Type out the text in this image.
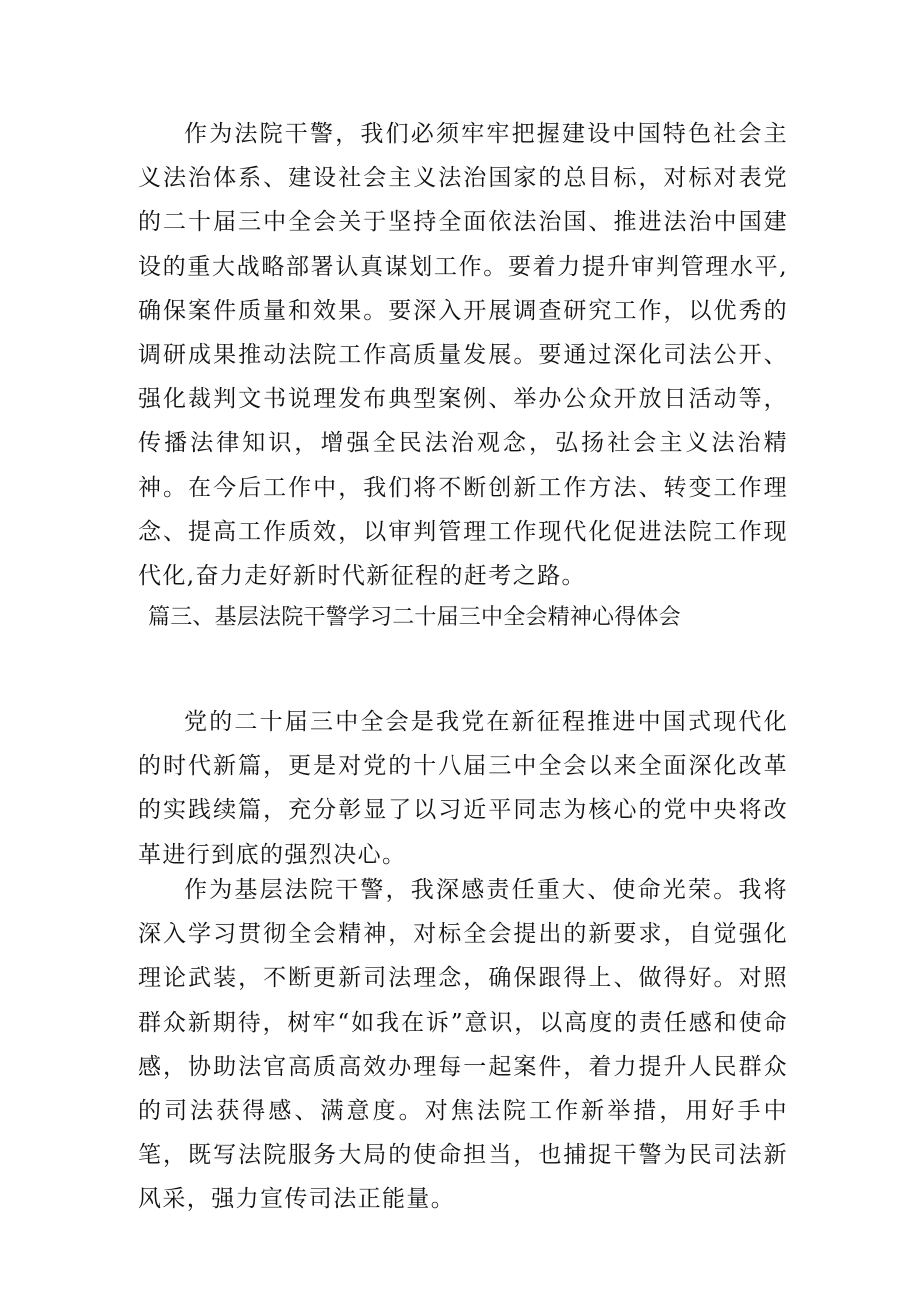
作为法院干警，我们必须牢牢把握建设中国特色社会主义法治体系、建设社会主义法治国家的总目标，对标对表党的二十届三中全会关于坚持全面依法治国、推进法治中国建设的重大战略部署认真谋划工作。要着力提升审判管理水平,确保案件质量和效果。要深入开展调查研究工作，以优秀的调研成果推动法院工作高质量发展。要通过深化司法公开、强化裁判文书说理发布典型案例、举办公众开放日活动等，传播法律知识，增强全民法治观念，弘扬社会主义法治精神。在今后工作中，我们将不断创新工作方法、转变工作理念、提高工作质效，以审判管理工作现代化促进法院工作现代化,奋力走好新时代新征程的赶考之路。

篇三、基层法院干警学习二十届三中全会精神心得体会

党的二十届三中全会是我党在新征程推进中国式现代化的时代新篇，更是对党的十八届三中全会以来全面深化改革的实践续篇，充分彰显了以习近平同志为核心的党中央将改革进行到底的强烈决心。

作为基层法院干警，我深感责任重大、使命光荣。我将深入学习贯彻全会精神，对标全会提出的新要求，自觉强化理论武装，不断更新司法理念，确保跟得上、做得好。对照群众新期待，树牢“如我在诉”意识，以高度的责任感和使命感，协助法官高质高效办理每一起案件，着力提升人民群众的司法获得感、满意度。对焦法院工作新举措，用好手中笔，既写法院服务大局的使命担当，也捕捉干警为民司法新风采，强力宣传司法正能量。
